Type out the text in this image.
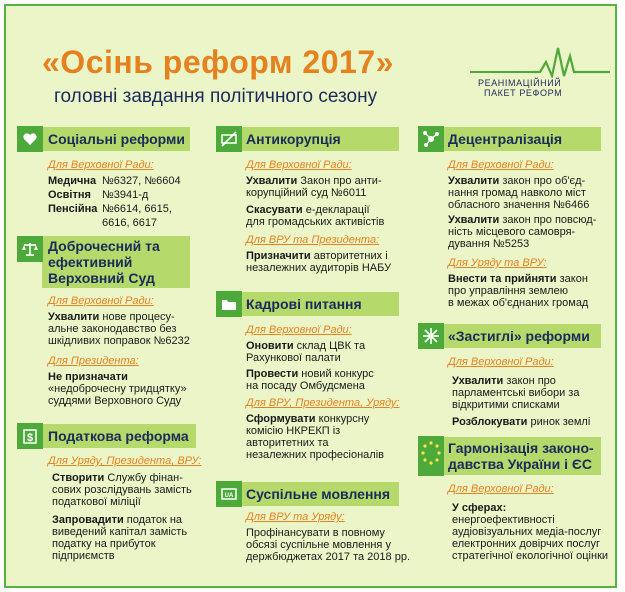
«Осінь реформ 2017»
головні завдання політичного сезону
РЕАНІМАЦІЙНИЙ
ПАКЕТ РЕФОРМ
Соціальні реформи
Для Верховної Ради:
Медична №6327, №6604
Освітня №3941-д
Пенсійна №6614, 6615,
6616, 6617
Доброчесний та
ефективний
Верховний Суд
Для Верховної Ради:
Ухвалити нове процесу-
альне законодавство без
шкідливих поправок №6232
Для Президента:
Не призначати
«недоброчесну тридцятку»
суддями Верховного Суду
$ Податкова реформа
Для Уряду, Президента, ВРУ:
Створити Службу фінан-
сових розслідувань замість
податкової міліції
Запровадити податок на
виведений капітал замість
податку на прибуток
підприємств
Антикорупція
Для Верховної Ради:
Ухвалити Закон про анти-
корупційний суд №6011
Скасувати е-декларації
для громадських активістів
Для ВРУ та Президента:
Призначити авторитетних і
незалежних аудиторів НАБУ
Кадрові питання
Для Верховної Ради:
Оновити склад ЦВК та
Рахункової палати
Провести новий конкурс
на посаду Омбудсмена
Для ВРУ, Президента, Уряду:
Сформувати конкурсну
комісію НКРЕКП із
авторитетних та
незалежних професіоналів
UA Суспільне мовлення
Для ВРУ та Уряду:
Профінансувати в повному
обсязі суспільне мовлення у
держбюджетах 2017 та 2018 рр.
Децентралізація
Для Верховної Ради:
Ухвалити закон про об'єд-
нання громад навколо міст
обласного значення №6466
Ухвалити закон про повсюд-
ність місцевого самовря-
дування №5253
Для Уряду та ВРУ:
Внести та прийняти закон
про управління землею
в межах об'єднаних громад
«Застиглі» реформи
Для Верховної Ради:
Ухвалити закон про
парламентські вибори за
відкритими списками
Розблокувати ринок землі
Гармонізація законо-
давства України і ЄС
Для Верховної Ради:
У сферах:
енергоефективності
аудіовізуальних медіа-послуг
електронних довірчих послуг
стратегічної екологічної оцінки
